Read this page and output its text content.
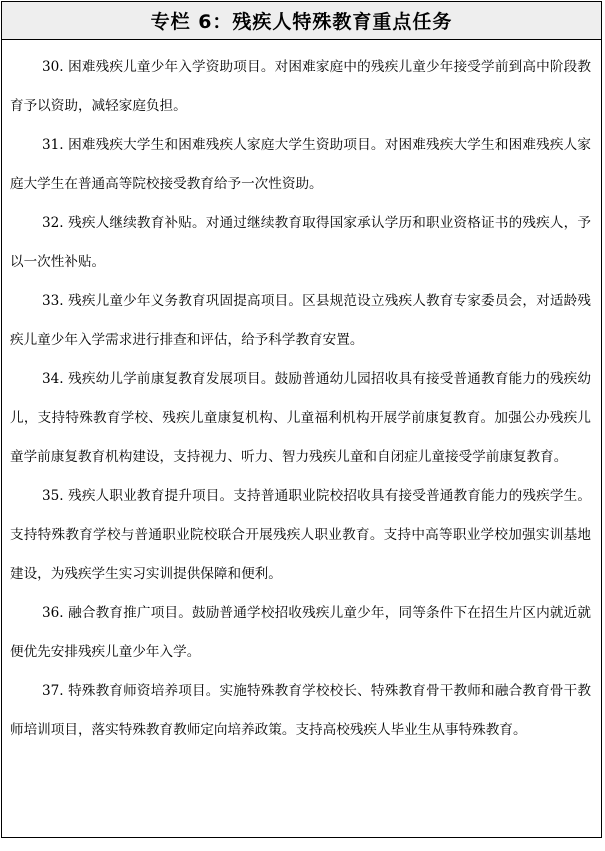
专栏 6：残疾人特殊教育重点任务

30. 困难残疾儿童少年入学资助项目。对困难家庭中的残疾儿童少年接受学前到高中阶段教育予以资助，减轻家庭负担。

31. 困难残疾大学生和困难残疾人家庭大学生资助项目。对困难残疾大学生和困难残疾人家庭大学生在普通高等院校接受教育给予一次性资助。

32. 残疾人继续教育补贴。对通过继续教育取得国家承认学历和职业资格证书的残疾人，予以一次性补贴。

33. 残疾儿童少年义务教育巩固提高项目。区县规范设立残疾人教育专家委员会，对适龄残疾儿童少年入学需求进行排查和评估，给予科学教育安置。

34. 残疾幼儿学前康复教育发展项目。鼓励普通幼儿园招收具有接受普通教育能力的残疾幼儿，支持特殊教育学校、残疾儿童康复机构、儿童福利机构开展学前康复教育。加强公办残疾儿童学前康复教育机构建设，支持视力、听力、智力残疾儿童和自闭症儿童接受学前康复教育。

35. 残疾人职业教育提升项目。支持普通职业院校招收具有接受普通教育能力的残疾学生。支持特殊教育学校与普通职业院校联合开展残疾人职业教育。支持中高等职业学校加强实训基地建设，为残疾学生实习实训提供保障和便利。

36. 融合教育推广项目。鼓励普通学校招收残疾儿童少年，同等条件下在招生片区内就近就便优先安排残疾儿童少年入学。

37. 特殊教育师资培养项目。实施特殊教育学校校长、特殊教育骨干教师和融合教育骨干教师培训项目，落实特殊教育教师定向培养政策。支持高校残疾人毕业生从事特殊教育。
